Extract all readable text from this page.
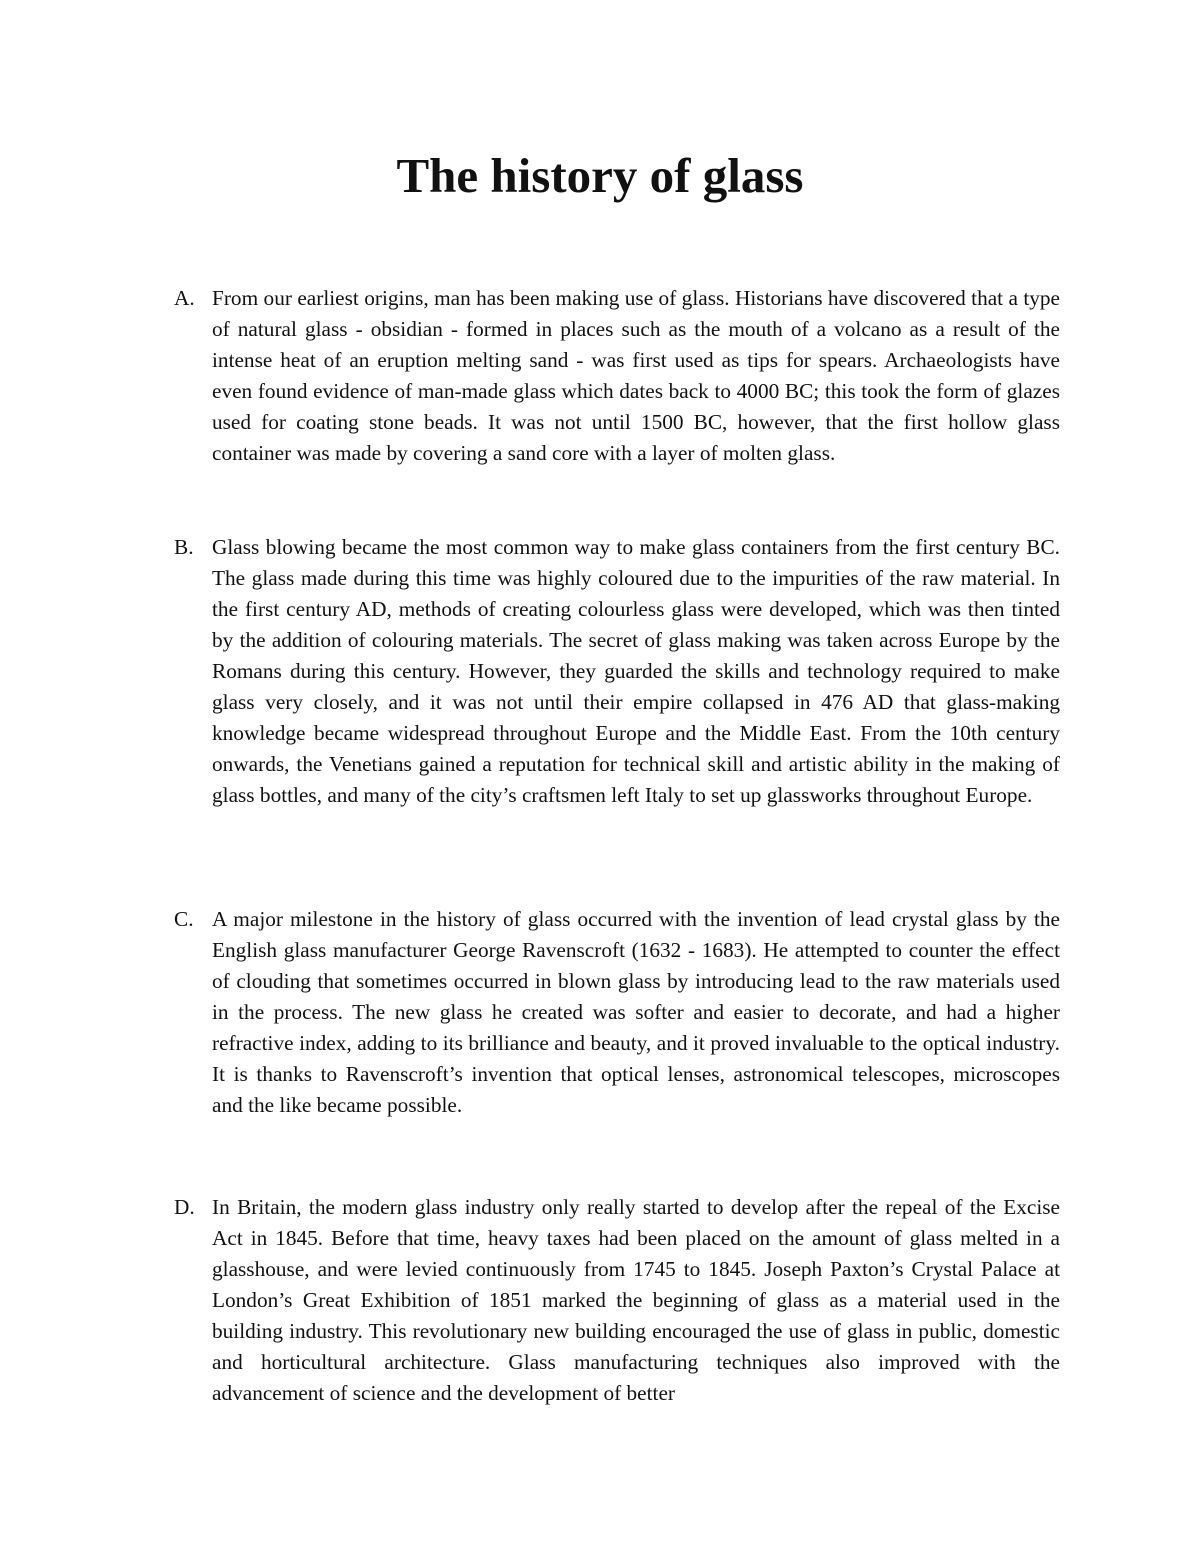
The history of glass
A. From our earliest origins, man has been making use of glass. Historians have discovered that a type of natural glass - obsidian - formed in places such as the mouth of a volcano as a result of the intense heat of an eruption melting sand - was first used as tips for spears. Archaeologists have even found evidence of man-made glass which dates back to 4000 BC; this took the form of glazes used for coating stone beads. It was not until 1500 BC, however, that the first hollow glass container was made by covering a sand core with a layer of molten glass.
B. Glass blowing became the most common way to make glass containers from the first century BC. The glass made during this time was highly coloured due to the impurities of the raw material. In the first century AD, methods of creating colourless glass were developed, which was then tinted by the addition of colouring materials. The secret of glass making was taken across Europe by the Romans during this century. However, they guarded the skills and technology required to make glass very closely, and it was not until their empire collapsed in 476 AD that glass-making knowledge became widespread throughout Europe and the Middle East. From the 10th century onwards, the Venetians gained a reputation for technical skill and artistic ability in the making of glass bottles, and many of the city’s craftsmen left Italy to set up glassworks throughout Europe.
C. A major milestone in the history of glass occurred with the invention of lead crystal glass by the English glass manufacturer George Ravenscroft (1632 - 1683). He attempted to counter the effect of clouding that sometimes occurred in blown glass by introducing lead to the raw materials used in the process. The new glass he created was softer and easier to decorate, and had a higher refractive index, adding to its brilliance and beauty, and it proved invaluable to the optical industry. It is thanks to Ravenscroft’s invention that optical lenses, astronomical telescopes, microscopes and the like became possible.
D. In Britain, the modern glass industry only really started to develop after the repeal of the Excise Act in 1845. Before that time, heavy taxes had been placed on the amount of glass melted in a glasshouse, and were levied continuously from 1745 to 1845. Joseph Paxton’s Crystal Palace at London’s Great Exhibition of 1851 marked the beginning of glass as a material used in the building industry. This revolutionary new building encouraged the use of glass in public, domestic and horticultural architecture. Glass manufacturing techniques also improved with the advancement of science and the development of better
